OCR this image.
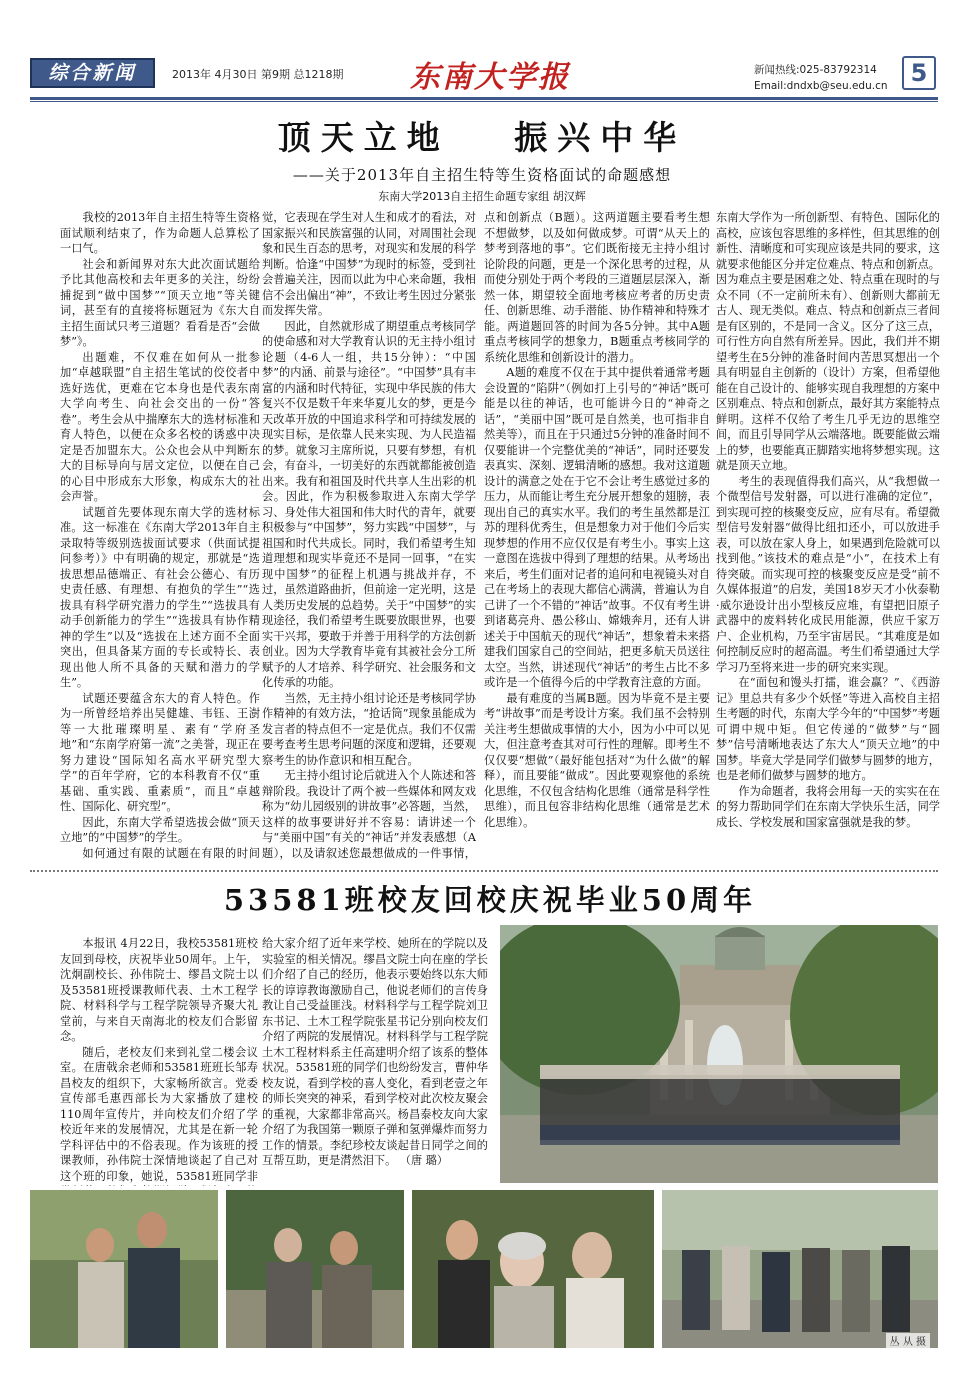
综合新闻	2013年 4月30日 第9期 总1218期 东南大学报	新闻热线:025-83792314
Email:dndxb@seu.edu.cn 5
顶天立地   振兴中华
——关于2013年自主招生特等生资格面试的命题感想
东南大学2013自主招生命题专家组 胡汉辉

我校的2013年自主招生特等生资格面试顺利结束了，作为命题人总算松了一口气。

社会和新闻界对东大此次面试题给予比其他高校和去年更多的关注，纷纷捕捉到“做中国梦”“顶天立地”等关键词，甚至有的直接将标题冠为《东大自主招生面试只考三道题？看看是否“会做梦”》。

出题难，不仅难在如何从一批参加“卓越联盟”自主招生笔试的佼佼者中选好选优，更难在它本身也是代表东南大学向考生、向社会交出的一份“答卷”。考生会从中揣摩东大的选材标准和育人特色，以便在众多名校的诱惑中决定是否加盟东大。公众也会从中判断东大的目标导向与居文定位，以便在自己的心目中形成东大形象，构成东大的社会声誉。

试题首先要体现东南大学的选材标准。这一标准在《东南大学2013年自主录取特等级别选拔面试要求（供面试提问参考）》中有明确的规定，那就是“选拔思想品德端正、有社会公德心、有历史责任感、有理想、有抱负的学生”“选拔具有科学研究潜力的学生”“选拔具有动手创新能力的学生”“选拔具有协作精神的学生”以及“选拔在上述方面不全面突出，但具备某方面的专长或特长、表现出他人所不具备的天赋和潜力的学生”。

试题还要蕴含东大的育人特色。作为一所曾经培养出吴健雄、韦钰、王澍等一大批璀璨明星、素有“学府圣地”和“东南学府第一流”之美誉，现正在努力建设“国际知名高水平研究型大学”的百年学府，它的本科教育不仅“重基础、重实践、重素质”，而且“卓越性、国际化、研究型”。

因此，东南大学希望选拔会做“顶天立地”的“中国梦”的学生。

如何通过有限的试题在有限的时间

觉，它表现在学生对人生和成才的看法，对国家振兴和民族富强的认同，对周围社会现象和民生百态的思考，对现实和发展的科学判断。恰逢“中国梦”为现时的标签，受到社会普遍关注，因而以此为中心来命题，我相信不会出偏出“神”，不致让考生因过分紧张而发挥失常。

因此，自然就形成了期望重点考核同学的使命感和对大学教育认识的无主持小组讨论题（4-6人一组，共15分钟）：“中国梦”的内涵、前景与途径”。“中国梦”具有丰富的内涵和时代特征，实现中华民族的伟大复兴不仅是数千年来华夏儿女的梦，更是今天改革开放的中国追求科学和可持续发展的现实目标，是依靠人民来实现、为人民造福的梦。就象习主席所说，只要有梦想，有机会，有奋斗，一切美好的东西就都能被创造出来。我有和祖国及时代共享人生出彩的机会。因此，作为积极参取进入东南大学学习、身处伟大祖国和伟大时代的青年，就要积极参与“中国梦”，努力实践“中国梦”，与祖国和时代共成长。同时，我们希望考生知道理想和现实毕竟还不是同一回事，“在实现中国梦”的征程上机遇与挑战并存，不过，虽然道路曲折，但前途一定光明，这是人类历史发展的总趋势。关于“中国梦”的实现途径，我们希望考生既要放眼世界，也要实干兴邦，要敢于并善于用科学的方法创新创业。因为大学教育毕竟有其被社会分工所赋予的人才培养、科学研究、社会服务和文化传承的功能。

当然，无主持小组讨论还是考核同学协作精神的有效方法，“抢话筒”现象虽能成为发言者的特点但不一定是优点。我们不仅需要考查考生思考问题的深度和逻辑，还要观察考生的协作意识和相互配合。

无主持小组讨论后就进入个人陈述和答辩阶段。我设计了两个被一些媒体和网友戏称为“幼儿园级别的讲故事”必答题，当然，这样的故事要讲好并不容易：请讲述一个与“美丽中国”有关的“神话”并发表感想（A题），以及请叙述您最想做成的一件事情，

点和创新点（B题）。这两道题主要看考生想不想做梦，以及如何做成梦。可谓“从天上的梦考到落地的事”。它们既衔接无主持小组讨论阶段的问题，更是一个深化思考的过程，从而使分别处于两个考段的三道题层层深入，渐然一体，期望较全面地考核应考者的历史责任、创新思维、动手潜能、协作精神和特殊才能。两道题回答的时间为各5分钟。其中A题重点考核同学的想象力，B题重点考核同学的系统化思维和创新设计的潜力。

A题的难度不仅在于其中提供着通常考题会设置的“陷阱”（例如打上引号的“神话”既可能是以往的神话，也可能讲今日的“神奇之话”，“美丽中国”既可是自然美，也可指非自然美等），而且在于只通过5分钟的准备时间不仅要能讲一个完整优美的“神话”，同时还要发表真实、深刻、逻辑清晰的感想。我对这道题设计的满意之处在于它不会让考生感觉过多的压力，从而能让考生充分展开想象的翅膀，表现出自己的真实水平。我们的考生虽然都是江苏的理科优秀生，但是想象力对于他们今后实现梦想的作用不应仅仅是有考生小。事实上这一意图在选拔中得到了理想的结果。从考场出来后，考生们面对记者的追问和电视镜头对自己在考场上的表现大都信心满满，普遍认为自己讲了一个不错的“神话”故事。不仅有考生讲到诸葛亮舟、愚公移山、嫦娥奔月，还有人讲述关于中国航天的现代“神话”，想象着未来搭建我们国家自己的空间站，把更多航天员送往太空。当然，讲述现代“神话”的考生占比不多或许是一个值得今后的中学教育注意的方面。

最有难度的当属B题。因为毕竟不是主要考“讲故事”而是考设计方案。我们虽不会特别关注考生想做成事情的大小，因为小中可以见大，但注意考查其对可行性的理解。即考生不仅仅要“想做”（最好能包括对“为什么做”的解释），而且要能“做成”。因此要观察他的系统化思维，不仅包含结构化思维（通常是科学性思维），而且包容非结构化思维（通常是艺术化思维）。

东南大学作为一所创新型、有特色、国际化的高校，应该包容思维的多样性，但其思维的创新性、清晰度和可实现应该是共同的要求，这就要求他能区分并定位难点、特点和创新点。因为难点主要是困难之处、特点重在现时的与众不同（不一定前所未有）、创新则大都前无古人、现无类似。难点、特点和创新点三者间是有区别的，不是同一含义。区分了这三点，可行性方向自然有所差异。因此，我们并不期望考生在5分钟的准备时间内苦思冥想出一个具有明显自主创新的（设计）方案，但希望他能在自己设计的、能够实现自我理想的方案中区别难点、特点和创新点，最好其方案能特点鲜明。这样不仅给了考生几乎无边的思维空间，而且引导同学从云端落地。既要能做云端上的梦，也要能真正脚踏实地将梦想实现。这就是顶天立地。

考生的表现值得我们高兴，从“我想做一个微型信号发射器，可以进行准确的定位”，到实现可控的核聚变反应，应有尽有。希望微型信号发射器“做得比纽扣还小，可以放进手表，可以放在家人身上，如果遇到危险就可以找到他。”该技术的难点是“小”，在技术上有待突破。而实现可控的核聚变反应是受“前不久媒体报道”的启发，美国18岁天才小伙泰勒·威尔逊设计出小型核反应堆，有望把旧原子武器中的废料转化成民用能源，供应千家万户、企业机构，乃至宇宙居民。“其难度是如何控制反应时的超高温。考生们希望通过大学学习乃至将来进一步的研究来实现。

在“面包和馒头打擂，谁会赢？”、《西游记》里总共有多少个妖怪”等进入高校自主招生考题的时代，东南大学今年的“中国梦”考题可谓中规中矩。但它传递的“做梦”与“圆梦”信号清晰地表达了东大人“顶天立地”的中国梦。毕竟大学是同学们做梦与圆梦的地方，也是老师们做梦与圆梦的地方。

作为命题者，我将会用每一天的实实在在的努力帮助同学们在东南大学快乐生活，同学成长、学校发展和国家富强就是我的梦。

53581班校友回校庆祝毕业50周年

本报讯 4月22日，我校53581班校友回到母校，庆祝毕业50周年。上午，沈炯副校长、孙伟院士、缪昌文院士以及53581班授课教师代表、土木工程学院、材料科学与工程学院领导齐聚大礼堂前，与来自天南海北的校友们合影留念。

随后，老校友们来到礼堂二楼会议室。在唐戟余老师和53581班班长邹寿昌校友的组织下，大家畅所欲言。党委宣传部毛惠西部长为大家播放了建校110周年宣传片，并向校友们介绍了学校近年来的发展情况，尤其是在新一轮学科评估中的不俗表现。作为该班的授课教师，孙伟院士深情地谈起了自己对这个班的印象，她说，53581班同学非

给大家介绍了近年来学校、她所在的学院以及实验室的相关情况。缪昌文院士向在座的学长们介绍了自己的经历，他表示要始终以东大师长的谆谆教诲激励自己，他说老师们的言传身教让自己受益匪浅。材料科学与工程学院刘卫东书记、土木工程学院张星书记分别向校友们介绍了两院的发展情况。材料科学与工程学院土木工程材料系主任高建明介绍了该系的整体状况。53581班的同学们也纷纷发言，曹仲华校友说，看到学校的喜人变化，看到老壹之年的师长突突的神采，看到学校对此次校友聚会的重视，大家都非常高兴。杨昌泰校友向大家介绍了为我国第一颗原子弹和氢弹爆炸而努力工作的情景。李纪珍校友谈起昔日同学之间的互帮互助，更是潸然泪下。 （唐 璐）

丛 从 摄
